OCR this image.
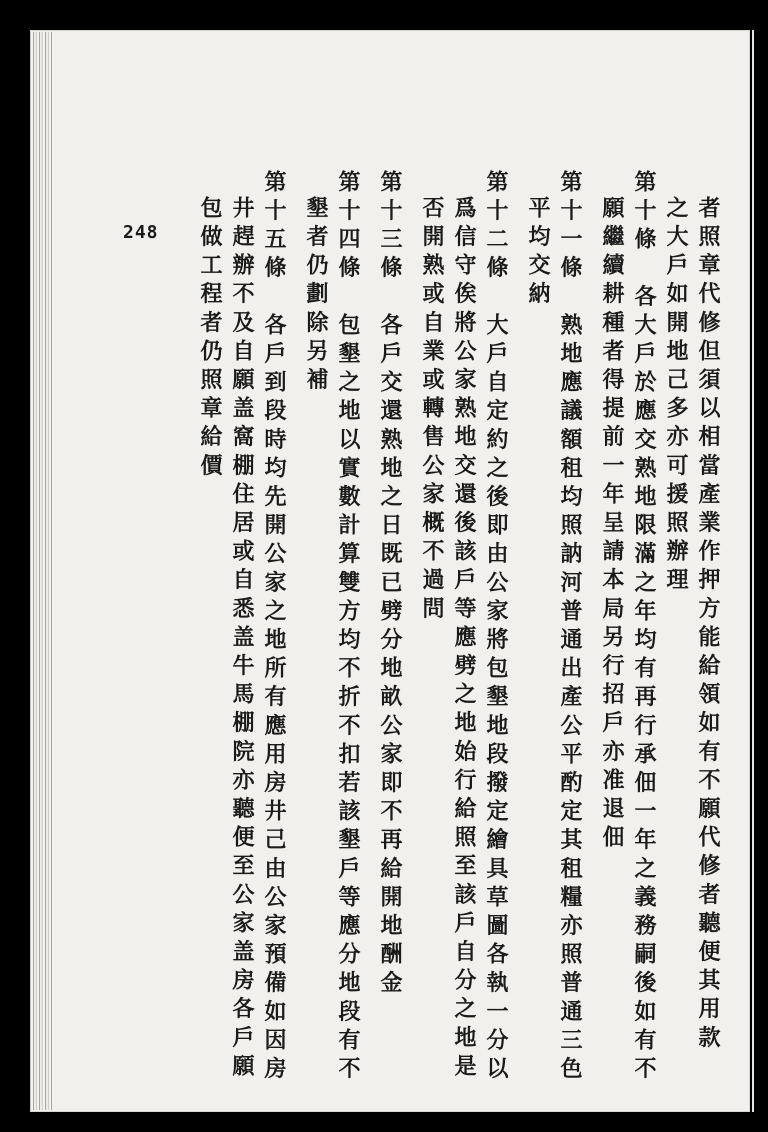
者照章代修但須以相當產業作押方能給領如有不願代修者聽便其用款
之大戶如開地己多亦可援照辦理
第十條　各大戶於應交熟地限滿之年均有再行承佃一年之義務嗣後如有不
願繼續耕種者得提前一年呈請本局另行招戶亦准退佃
第十一條　熟地應議額租均照訥河普通出產公平酌定其租糧亦照普通三色
平均交納
第十二條　大戶自定約之後即由公家將包墾地段撥定繪具草圖各執一分以
爲信守俟將公家熟地交還後該戶等應劈之地始行給照至該戶自分之地是
否開熟或自業或轉售公家概不過問
第十三條　各戶交還熟地之日既已劈分地畝公家即不再給開地酬金
第十四條　包墾之地以實數計算雙方均不折不扣若該墾戶等應分地段有不
墾者仍劃除另補
第十五條　各戶到段時均先開公家之地所有應用房井己由公家預備如因房
井趕辦不及自願盖窩棚住居或自悉盖牛馬棚院亦聽便至公家盖房各戶願
包做工程者仍照章給價
248
